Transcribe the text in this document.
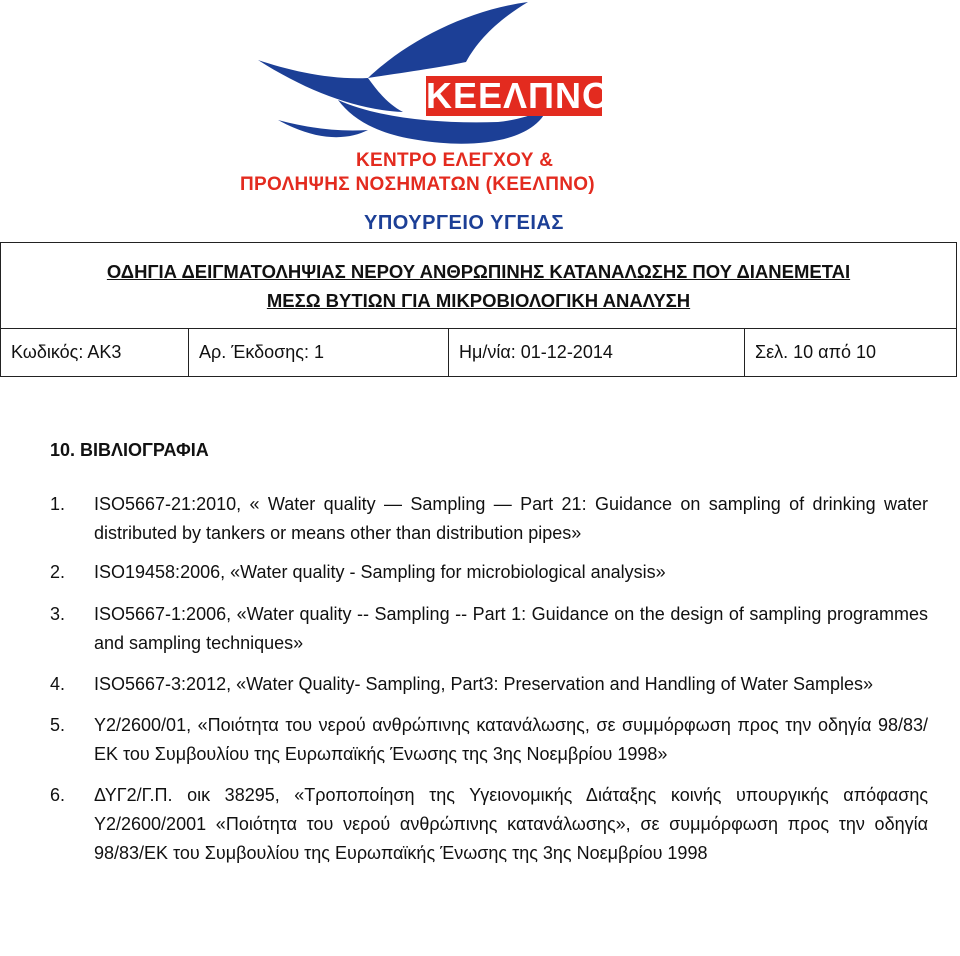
ΚΕΕΛΠΝΟ
ΚΕΝΤΡΟ ΕΛΕΓΧΟΥ &
ΠΡΟΛΗΨΗΣ ΝΟΣΗΜΑΤΩΝ (ΚΕΕΛΠΝΟ)
ΥΠΟΥΡΓΕΙΟ ΥΓΕΙΑΣ
ΟΔΗΓΙΑ ΔΕΙΓΜΑΤΟΛΗΨΙΑΣ ΝΕΡΟΥ ΑΝΘΡΩΠΙΝΗΣ ΚΑΤΑΝΑΛΩΣΗΣ ΠΟΥ ΔΙΑΝΕΜΕΤΑΙ
ΜΕΣΩ ΒΥΤΙΩΝ ΓΙΑ ΜΙΚΡΟΒΙΟΛΟΓΙΚΗ ΑΝΑΛΥΣΗ
Κωδικός: ΑΚ3	Αρ. Έκδοσης: 1	Ημ/νία: 01-12-2014	Σελ. 10 από 10
10. ΒΙΒΛΙΟΓΡΑΦΙΑ
1. ISO5667-21:2010, « Water quality — Sampling — Part 21: Guidance on sampling of drinking water distributed by tankers or means other than distribution pipes»
2. ISO19458:2006, «Water quality - Sampling for microbiological analysis»
3. ISO5667-1:2006, «Water quality -- Sampling -- Part 1: Guidance on the design of sampling programmes and sampling techniques»
4. ISO5667-3:2012, «Water Quality- Sampling, Part3: Preservation and Handling of Water Samples»
5. Υ2/2600/01, «Ποιότητα του νερού ανθρώπινης κατανάλωσης, σε συμμόρφωση προς την οδηγία 98/83/ΕΚ του Συμβουλίου της Ευρωπαϊκής Ένωσης της 3ης Νοεμβρίου 1998»
6. ΔΥΓ2/Γ.Π. οικ 38295, «Τροποποίηση της Υγειονομικής Διάταξης κοινής υπουργικής απόφασης Υ2/2600/2001 «Ποιότητα του νερού ανθρώπινης κατανάλωσης», σε συμμόρφωση προς την οδηγία 98/83/ΕΚ του Συμβουλίου της Ευρωπαϊκής Ένωσης της 3ης Νοεμβρίου 1998
